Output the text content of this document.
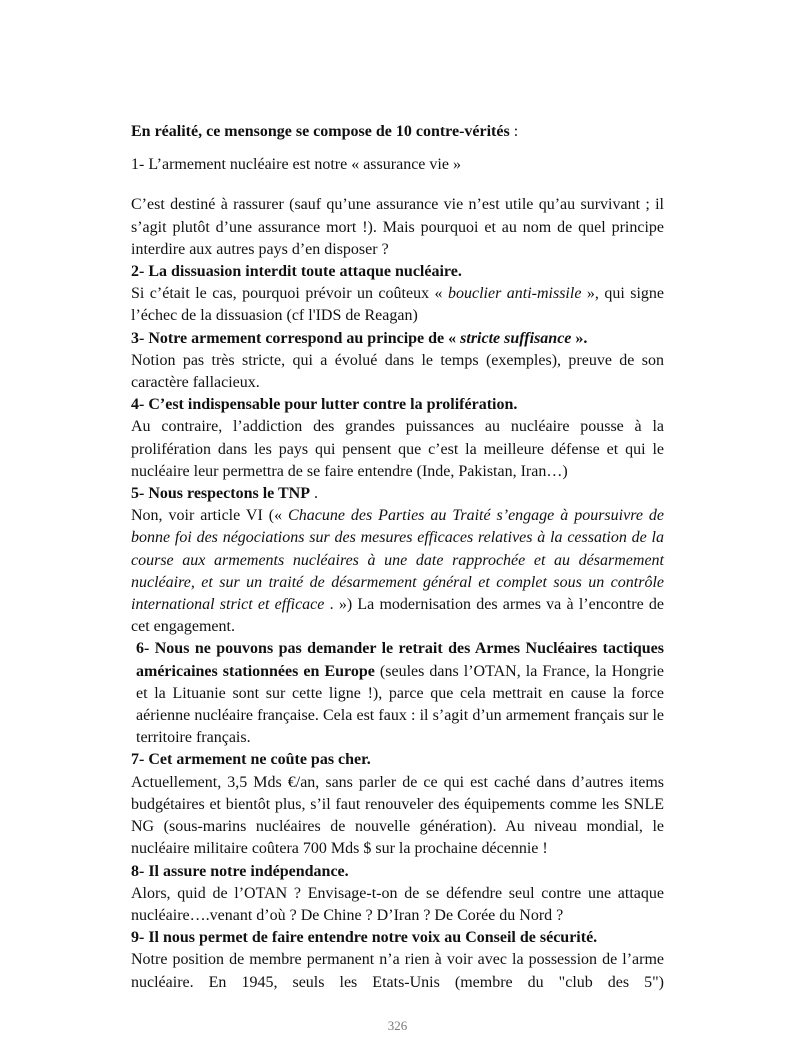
En réalité, ce mensonge se compose de 10 contre-vérités :

1- L’armement nucléaire est notre « assurance vie »

C’est destiné à rassurer (sauf qu’une assurance vie n’est utile qu’au survivant ; il s’agit plutôt d’une assurance mort !). Mais pourquoi et au nom de quel principe interdire aux autres pays d’en disposer ?

2- La dissuasion interdit toute attaque nucléaire.

Si c’était le cas, pourquoi prévoir un coûteux « bouclier anti-missile », qui signe l’échec de la dissuasion (cf l'IDS de Reagan)

3- Notre armement correspond au principe de « stricte suffisance ».

Notion pas très stricte, qui a évolué dans le temps (exemples), preuve de son caractère fallacieux.

4- C’est indispensable pour lutter contre la prolifération.

Au contraire, l’addiction des grandes puissances au nucléaire pousse à la prolifération dans les pays qui pensent que c’est la meilleure défense et qui le nucléaire leur permettra de se faire entendre (Inde, Pakistan, Iran…)

5- Nous respectons le TNP .

Non, voir article VI (« Chacune des Parties au Traité s’engage à poursuivre de bonne foi des négociations sur des mesures efficaces relatives à la cessation de la course aux armements nucléaires à une date rapprochée et au désarmement nucléaire, et sur un traité de désarmement général et complet sous un contrôle international strict et efficace . ») La modernisation des armes va à l’encontre de cet engagement.

6- Nous ne pouvons pas demander le retrait des Armes Nucléaires tactiques américaines stationnées en Europe (seules dans l’OTAN, la France, la Hongrie et la Lituanie sont sur cette ligne !), parce que cela mettrait en cause la force aérienne nucléaire française. Cela est faux : il s’agit d’un armement français sur le territoire français.

7- Cet armement ne coûte pas cher.

Actuellement, 3,5 Mds €/an, sans parler de ce qui est caché dans d’autres items budgétaires et bientôt plus, s’il faut renouveler des équipements comme les SNLE NG (sous-marins nucléaires de nouvelle génération). Au niveau mondial, le nucléaire militaire coûtera 700 Mds $ sur la prochaine décennie !

8- Il assure notre indépendance.

Alors, quid de l’OTAN ? Envisage-t-on de se défendre seul contre une attaque nucléaire….venant d’où ? De Chine ? D’Iran ? De Corée du Nord ?

9- Il nous permet de faire entendre notre voix au Conseil de sécurité.

Notre position de membre permanent n’a rien à voir avec la possession de l’arme nucléaire. En 1945, seuls les Etats-Unis (membre du "club des 5")

326
